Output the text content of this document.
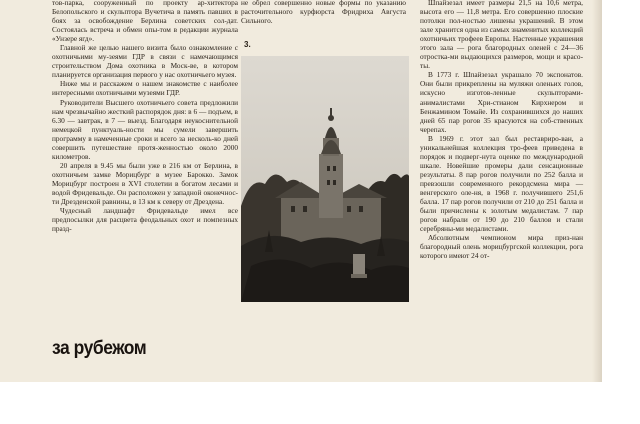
тов-парка, сооруженный по проекту ар-хитектора Белопольского и скульптора Вучетича в память павших в боях за освобождение Берлина советских сол-дат. Состоялась встреча и обмен опы-том в редакции журнала «Унзере ягд».

Главной же целью нашего визита было ознакомление с охотничьими му-зеями ГДР в связи с намечающимся строительством Дома охотника в Моск-ве, в котором планируется организация первого у нас охотничьего музея.

Ниже мы и расскажем о нашем знакомстве с наиболее интересными охотничьими музеями ГДР.

Руководители Высшего охотничьего совета предложили нам чрезвычайно жесткий распорядок дня: в 6 — подъем, в 6.30 — завтрак, в 7 — выезд. Благодаря неукоснительной немецкой пунктуаль-ности мы сумели завершить программу в намеченные сроки и всего за несколь-ко дней совершить путешествие протя-женностью около 2000 километров.

20 апреля в 9.45 мы были уже в 216 км от Берлина, в охотничьем замке Морицбург в музее Барокко. Замок Морицбург построен в XVI столетии в богатом лесами и водой Фридевальде. Он расположен у западной оконечнос-ти Дрезденской равнины, в 13 км к северу от Дрездена.

Чудесный ландшафт Фридевальде имел все предпосылки для расцвета феодальных охот и помпезных празд-

не обрел совершенно новые формы по указанию расточительного курфюрста Фридриха Августа Сильного.

3.

Шпайзезал имеет размеры 21,5 на 10,6 метра, высота его — 11,8 метра. Его совершенно плоские потолки пол-ностью лишены украшений. В этом зале хранится одна из самых знаменитых коллекций охотничьих трофеев Европы. Настенные украшения этого зала — рога благородных оленей с 24—36 отростка-ми выдающихся размеров, мощи и красо-ты.

В 1773 г. Шпайзезал украшало 70 экспонатов. Они были прикреплены на муляжи оленьих голов, искусно изготов-ленные скульпторами-анималистами Хри-стианом Кирхнером и Бенжамином Томайе. Из сохранившихся до наших дней 65 пар рогов 35 красуются на соб-ственных черепах.

В 1969 г. этот зал был реставриро-ван, а уникальнейшая коллекция тро-феев приведена в порядок и подверг-нута оценке по международной шкале. Новейшие промеры дали сенсационные результаты. 8 пар рогов получили по 252 балла и превзошли современного рекордсмена мира — венгерского оле-ня, в 1968 г. получившего 251,6 балла. 17 пар рогов получили от 210 до 251 балла и были причислены к золотым медалистам. 7 пар рогов набрали от 190 до 210 баллов и стали серебряны-ми медалистами.

Абсолютным чемпионом мира приз-нан благородный олень морицбургской коллекции, рога которого имеют 24 от-

за рубежом
